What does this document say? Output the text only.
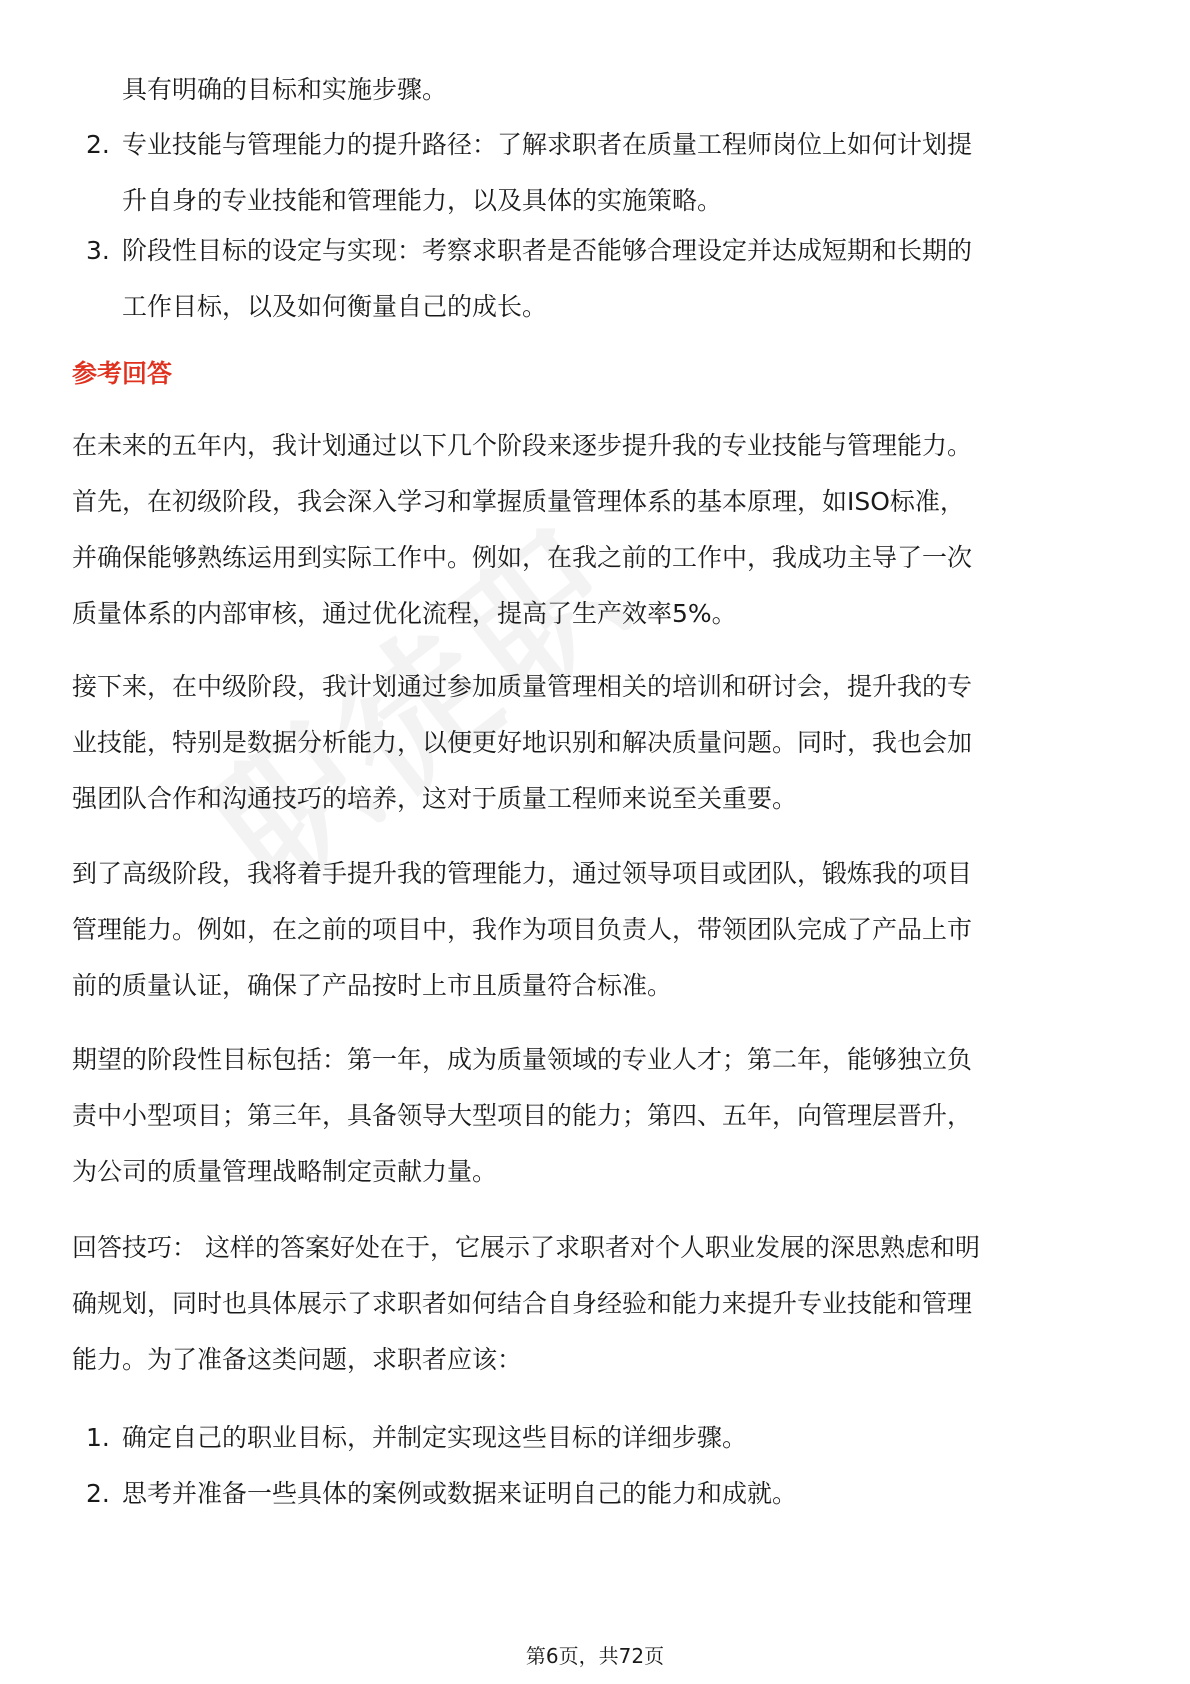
具有明确的目标和实施步骤。
2. 专业技能与管理能力的提升路径：了解求职者在质量工程师岗位上如何计划提
升自身的专业技能和管理能力，以及具体的实施策略。
3. 阶段性目标的设定与实现：考察求职者是否能够合理设定并达成短期和长期的
工作目标，以及如何衡量自己的成长。
参考回答
在未来的五年内，我计划通过以下几个阶段来逐步提升我的专业技能与管理能力。
首先，在初级阶段，我会深入学习和掌握质量管理体系的基本原理，如ISO标准，
并确保能够熟练运用到实际工作中。例如，在我之前的工作中，我成功主导了一次
质量体系的内部审核，通过优化流程，提高了生产效率5%。
接下来，在中级阶段，我计划通过参加质量管理相关的培训和研讨会，提升我的专
业技能，特别是数据分析能力，以便更好地识别和解决质量问题。同时，我也会加
强团队合作和沟通技巧的培养，这对于质量工程师来说至关重要。
到了高级阶段，我将着手提升我的管理能力，通过领导项目或团队，锻炼我的项目
管理能力。例如，在之前的项目中，我作为项目负责人，带领团队完成了产品上市
前的质量认证，确保了产品按时上市且质量符合标准。
期望的阶段性目标包括：第一年，成为质量领域的专业人才；第二年，能够独立负
责中小型项目；第三年，具备领导大型项目的能力；第四、五年，向管理层晋升，
为公司的质量管理战略制定贡献力量。
回答技巧： 这样的答案好处在于，它展示了求职者对个人职业发展的深思熟虑和明
确规划，同时也具体展示了求职者如何结合自身经验和能力来提升专业技能和管理
能力。为了准备这类问题，求职者应该：
1. 确定自己的职业目标，并制定实现这些目标的详细步骤。
2. 思考并准备一些具体的案例或数据来证明自己的能力和成就。
第6页，共72页
